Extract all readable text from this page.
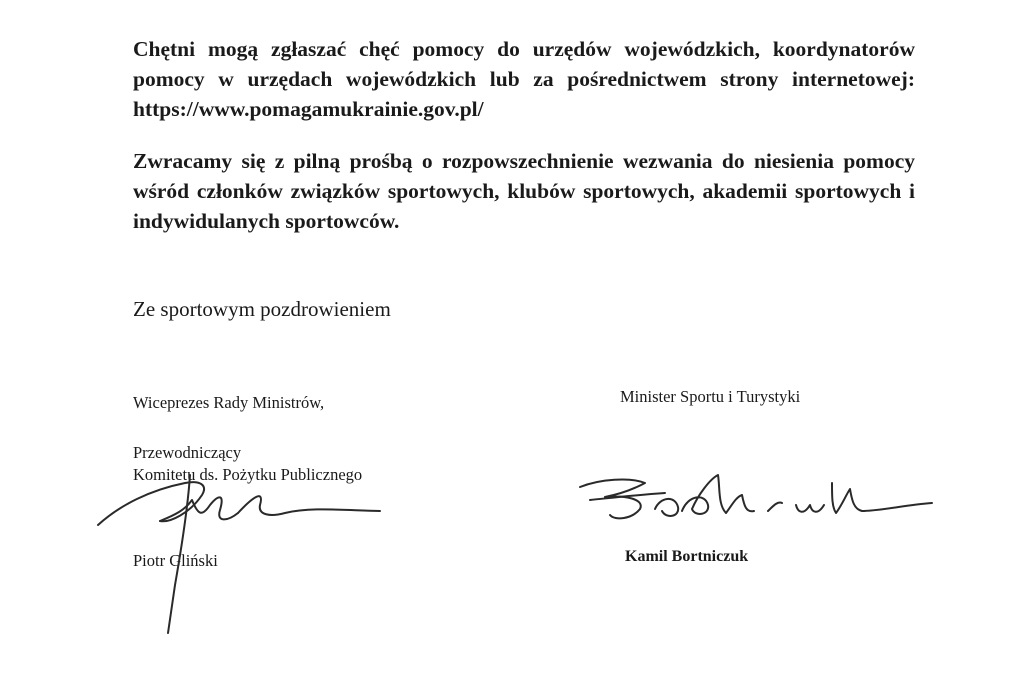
Chętni mogą zgłaszać chęć pomocy do urzędów wojewódzkich, koordynatorów pomocy w urzędach wojewódzkich lub za pośrednictwem strony internetowej: https://www.pomagamukrainie.gov.pl/
Zwracamy się z pilną prośbą o rozpowszechnienie wezwania do niesienia pomocy wśród członków związków sportowych, klubów sportowych, akademii sportowych i indywidulanych sportowców.
Ze sportowym pozdrowieniem
Wiceprezes Rady Ministrów,
Przewodniczący
Komitetu ds. Pożytku Publicznego
Piotr Gliński
Minister Sportu i Turystyki
Kamil Bortniczuk
